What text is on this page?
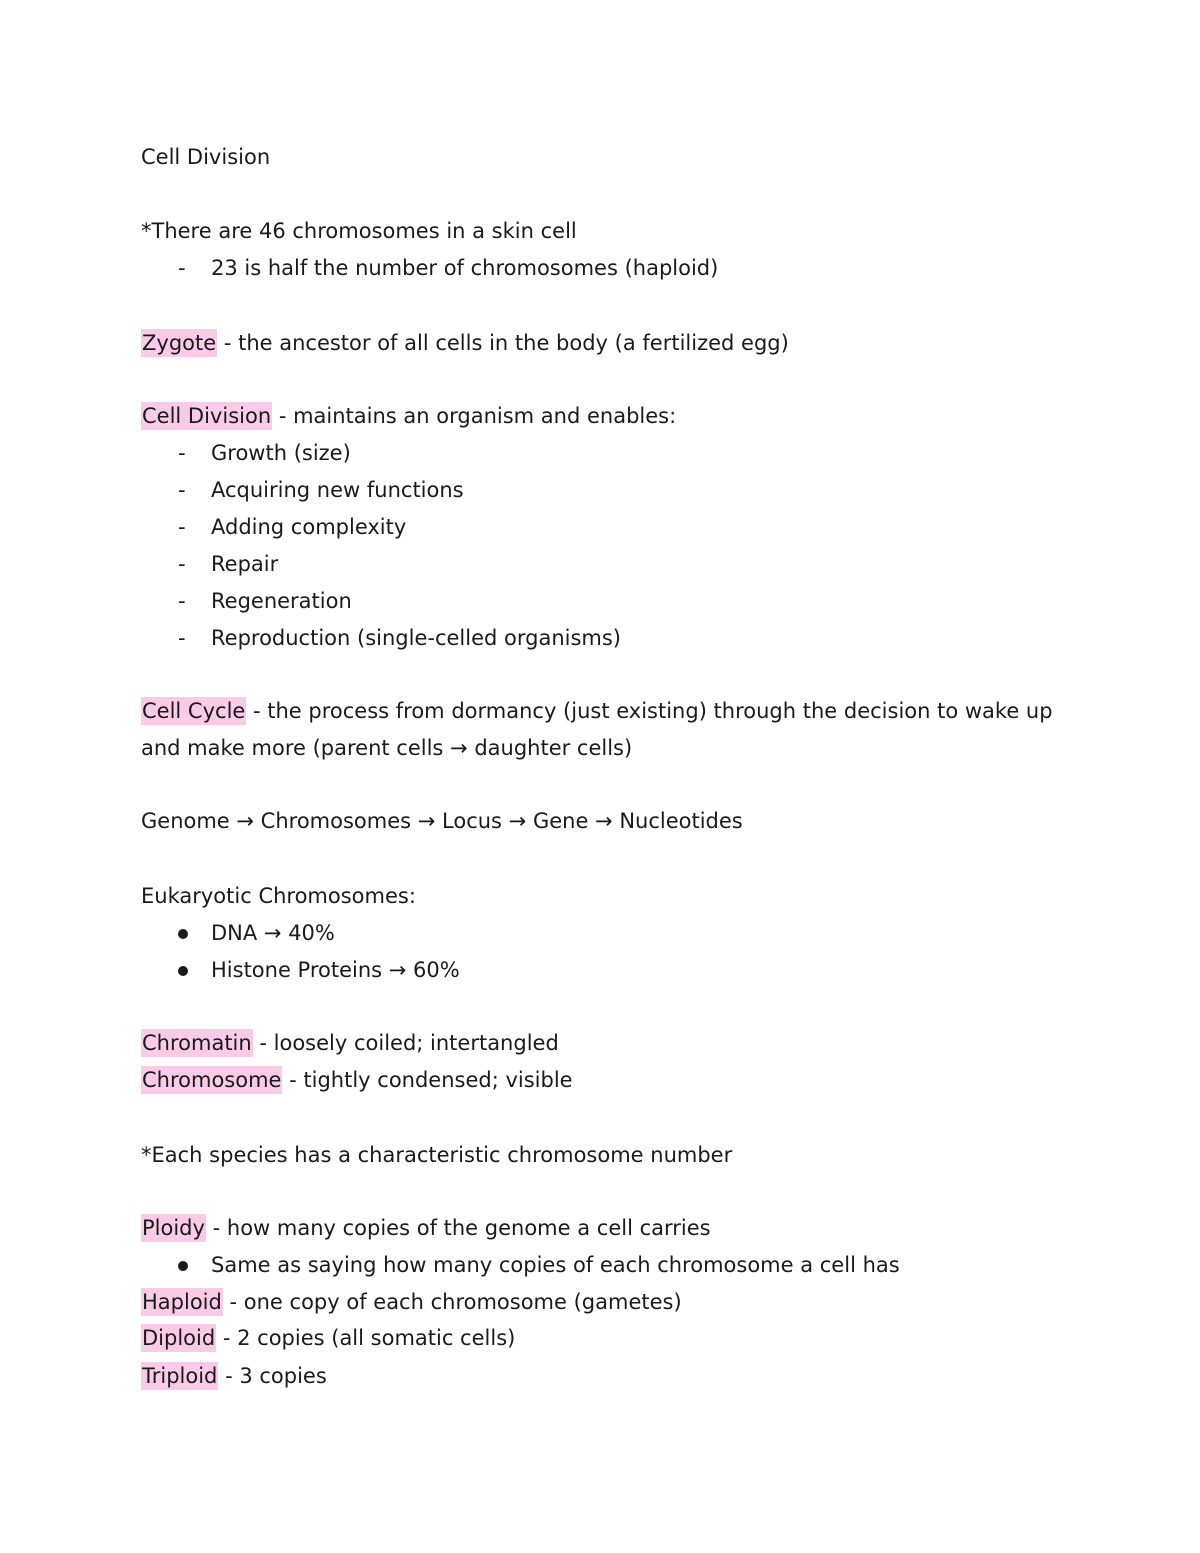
Cell Division
*There are 46 chromosomes in a skin cell
- 23 is half the number of chromosomes (haploid)
Zygote - the ancestor of all cells in the body (a fertilized egg)
Cell Division - maintains an organism and enables:
- Growth (size)
- Acquiring new functions
- Adding complexity
- Repair
- Regeneration
- Reproduction (single-celled organisms)
Cell Cycle - the process from dormancy (just existing) through the decision to wake up
and make more (parent cells → daughter cells)
Genome → Chromosomes → Locus → Gene → Nucleotides
Eukaryotic Chromosomes:
DNA → 40%
Histone Proteins → 60%
Chromatin - loosely coiled; intertangled
Chromosome - tightly condensed; visible
*Each species has a characteristic chromosome number
Ploidy - how many copies of the genome a cell carries
Same as saying how many copies of each chromosome a cell has
Haploid - one copy of each chromosome (gametes)
Diploid - 2 copies (all somatic cells)
Triploid - 3 copies
